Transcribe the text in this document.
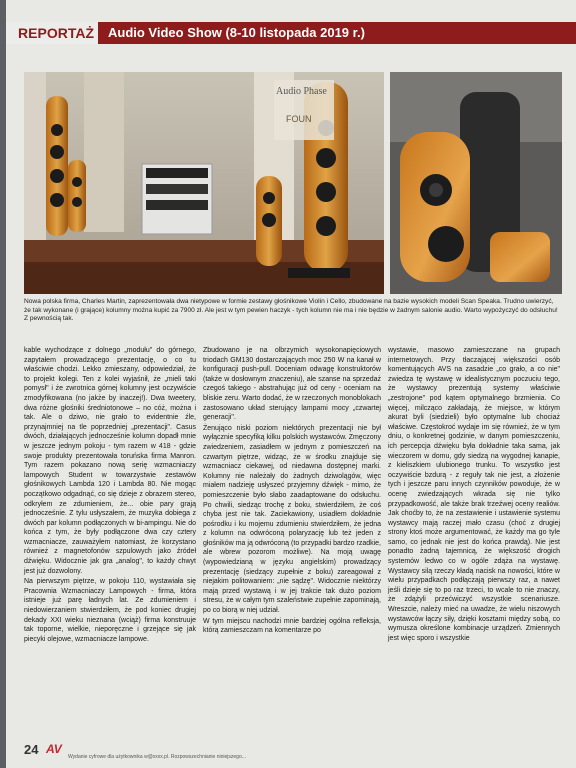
REPORTAŻ	Audio Video Show (8-10 listopada 2019 r.)
Audio Phase
FOUN
Nowa polska firma, Charles Martin, zaprezentowała dwa nietypowe w formie zestawy głośnikowe Violin i Cello, zbudowane na bazie wysokich modeli Scan Speaka. Trudno uwierzyć, że tak wykonane (i grające) kolumny można kupić za 7900 zł. Ale jest w tym pewien haczyk - tych kolumn nie ma i nie będzie w żadnym salonie audio. Warto wypożyczyć do odsłuchu! Z pewnością tak.

kable wychodzące z dolnego „modułu" do górnego, zapytałem prowadzącego prezentację, o co tu właściwie chodzi. Lekko zmieszany, odpowiedział, że to projekt kolegi. Ten z kolei wyjaśnił, że „mieli taki pomysł" i że zwrotnica górnej kolumny jest oczywiście zmodyfikowana (no jakże by inaczej!). Dwa tweetery, dwa różne głośniki średniotonowe – no cóż, można i tak. Ale o dziwo, nie grało to evidentnie źle, przynajmniej na tle poprzedniej „prezentacji". Casus dwóch, działających jednocześnie kolumn dopadł mnie w jeszcze jednym pokoju - tym razem w 418 - gdzie swoje produkty prezentowała toruńska firma Manron. Tym razem pokazano nową serię wzmacniaczy lampowych Student w towarzystwie zestawów głośnikowych Lambda 120 i Lambda 80. Nie mogąc początkowo odgadnąć, co się dzieje z obrazem stereo, odkryłem ze zdumieniem, że... obie pary grają jednocześnie. Z tylu usłyszałem, że muzyka dobiega z dwóch par kolumn podłączonych w bi-ampingu. Nie do końca z tym, że były podłączone dwa czy cztery wzmacniacze, zauważyłem natomiast, że korzystano również z magnetofonów szpulowych jako źródeł dźwięku. Widocznie jak gra „analog", to każdy chwyt jest już dozwolony.

Na pierwszym piętrze, w pokoju 110, wystawiała się Pracownia Wzmacniaczy Lampowych - firma, która istnieje już parę ładnych lat. Ze zdumieniem i niedowierzaniem stwierdziłem, że pod koniec drugiej dekady XXI wieku nieznana (wciąż) firma konstruuje tak toporne, wielkie, nieporęczne i grzejące się jak piecyki olejowe, wzmacniacze lampowe.

Zbudowano je na olbrzymich wysokonapięciowych triodach GM130 dostarczających moc 250 W na kanał w konfiguracji push-pull. Doceniam odwagę konstruktorów (także w dosłownym znaczeniu), ale szanse na sprzedaż czegoś takiego - abstrahując już od ceny - oceniam na bliskie zeru. Warto dodać, że w rzeczonych monoblokach zastosowano układ sterujący lampami mocy „czwartej generacji".

Żenująco niski poziom niektórych prezentacji nie był wyłącznie specyfiką kilku polskich wystawców. Zmęczony zwiedzeniem, zasiadłem w jednym z pomieszczeń na czwartym piętrze, widząc, że w środku znajduje się wzmacniacz ciekawej, od niedawna dostępnej marki. Kolumny nie należały do żadnych dziwolągów, więc miałem nadzieję usłyszeć przyjemny dźwięk - mimo, że pomieszczenie było słabo zaadaptowane do odsłuchu. Po chwili, siedząc trochę z boku, stwierdziłem, że coś chyba jest nie tak. Zaciekawiony, usiadłem dokładnie pośrodku i ku mojemu zdumieniu stwierdziłem, że jedna z kolumn na odwróconą polaryzację lub też jeden z głośników ma ją odwróconą (to przypadki bardzo rzadkie, ale wbrew pozorom możliwe). Na moją uwagę (wypowiedzianą w języku angielskim) prowadzący prezentację (siedzący zupełnie z boku) zareagował z niejakim politowaniem: „nie sądzę". Widocznie niektórzy mają przed wystawą i w jej trakcie tak dużo poziom stresu, że w całym tym szaleństwie zupełnie zapominają, po co biorą w niej udział.

W tym miejscu nachodzi mnie bardziej ogólna refleksja, którą zamieszczam na komentarze po

wystawie, masowo zamieszczane na grupach internetowych. Przy tłaczającej większości osób komentujących AVS na zasadzie „co grało, a co nie" zwiedza tę wystawę w idealistycznym poczuciu tego, że wystawcy prezentują systemy właściwie „zestrojone" pod kątem optymalnego brzmienia. Co więcej, milcząco zakładają, że miejsce, w którym akurat byli (siedzieli) było optymalne lub chociaż właściwe. Częstokroć wydaje im się również, że w tym dniu, o konkretnej godzinie, w danym pomieszczeniu, ich percepcja dźwięku była dokładnie taka sama, jak wieczorem w domu, gdy siedzą na wygodnej kanapie, z kieliszkiem ulubionego trunku. To wszystko jest oczywiście bzdurą - z reguły tak nie jest, a złożenie tych i jeszcze paru innych czynników powoduje, że w ocenę zwiedzających wkrada się nie tylko przypadkowość, ale także brak trzeźwej oceny realiów. Jak choćby to, że na zestawienie i ustawienie systemu wystawcy mają raczej mało czasu (choć z drugiej strony ktoś może argumentować, że każdy ma go tyle samo, co jednak nie jest do końca prawdą). Nie jest ponadto żadną tajemnicą, że większość drogich systemów ledwo co w ogóle zdąża na wystawę. Wystawcy silą rzeczy kładą nacisk na nowości, które w wielu przypadkach podłączają pierwszy raz, a nawet jeśli dzieje się to po raz trzeci, to wcale to nie znaczy, że zdążyli przećwiczyć wszystkie scenariusze. Wreszcie, należy mieć na uwadze, że wielu niszowych wystawców łączy siły, dzięki kosztami między sobą, co wymusza określone kombinacje urządzeń. Zmiennych jest więc sporo i wszystkie

24 AV
Wydanie cyfrowe dla użytkownika w@xxxx.pl. Rozpowszechnianie niniejszego...
